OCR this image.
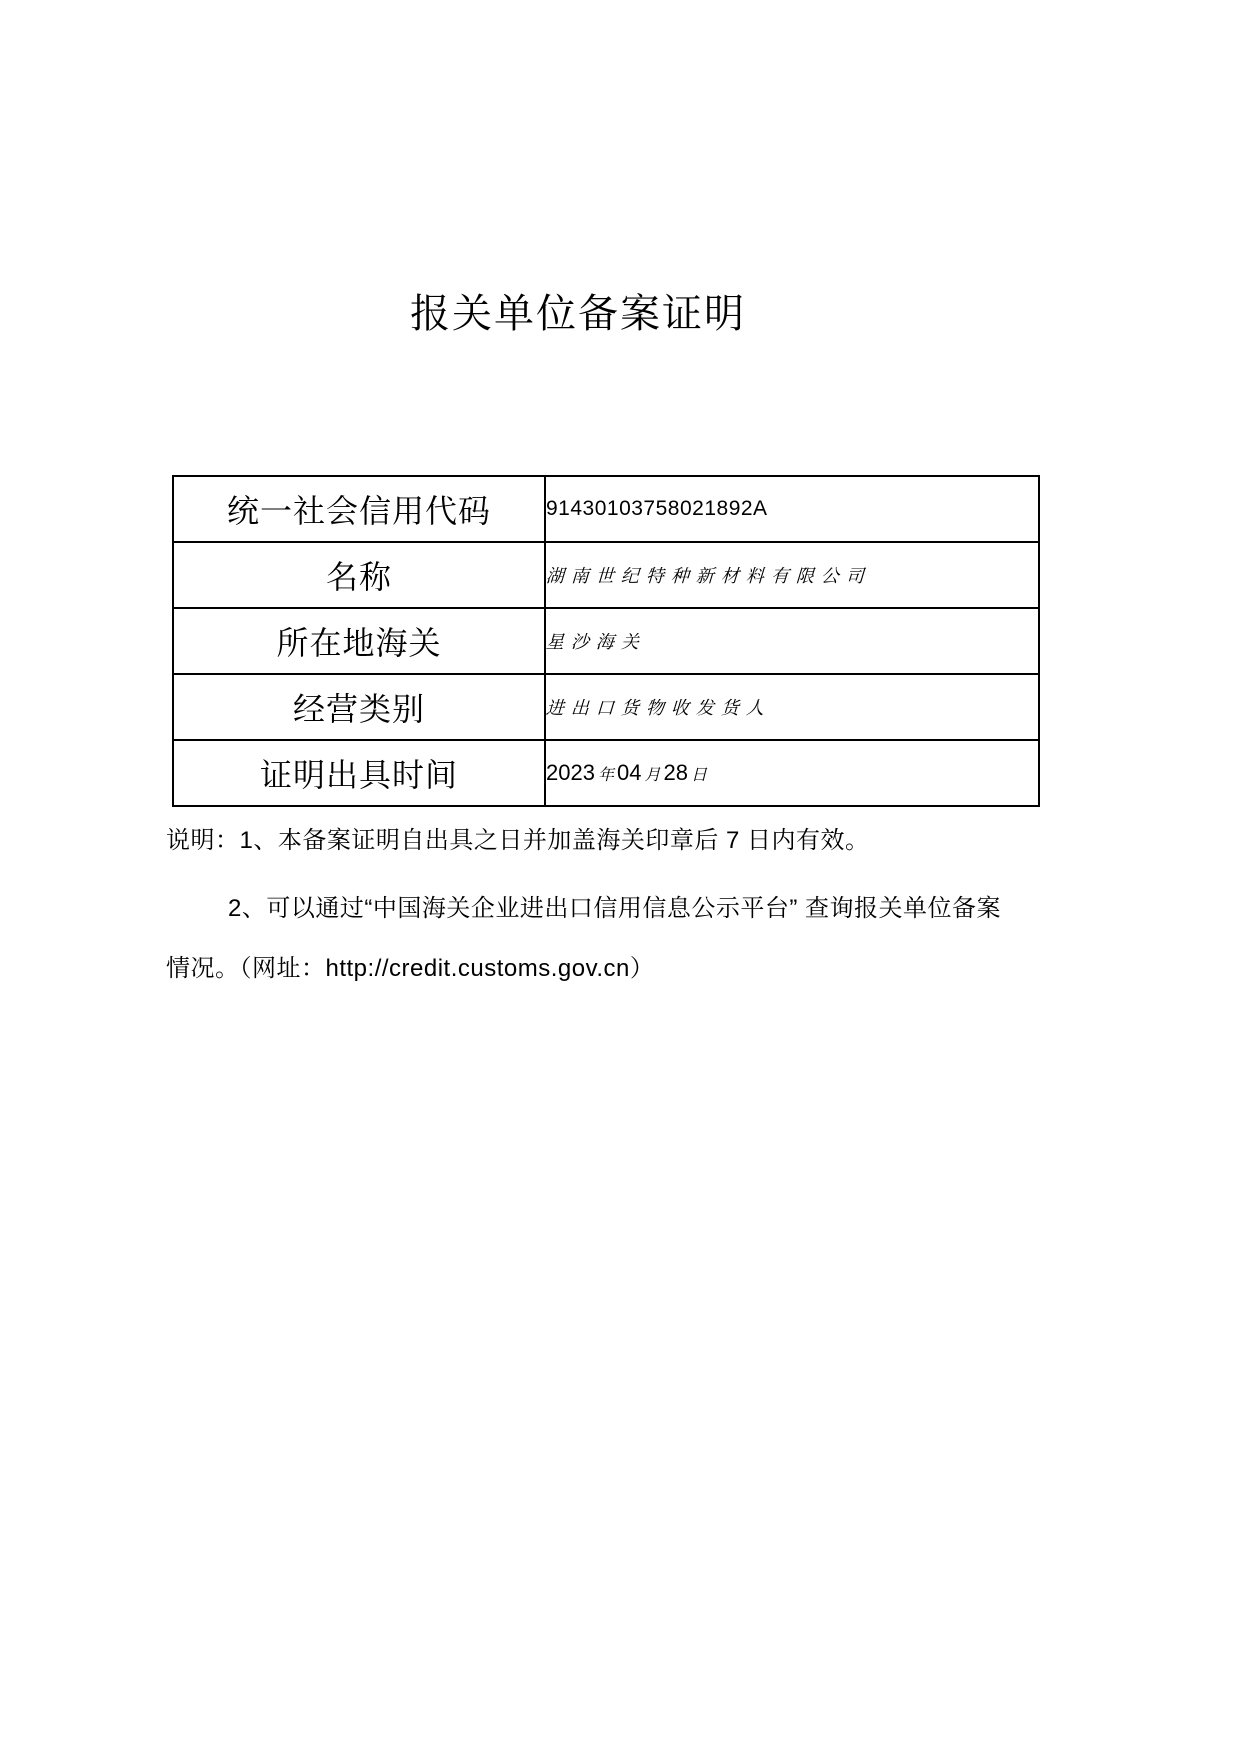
报关单位备案证明
统一社会信用代码	91430103758021892A
名称	湖南世纪特种新材料有限公司
所在地海关	星沙海关
经营类别	进出口货物收发货人
证明出具时间	2023 年 04 月 28 日
说明：1、本备案证明自出具之日并加盖海关印章后 7 日内有效。
2、可以通过“中国海关企业进出口信用信息公示平台” 查询报关单位备案
情况。（网址：http://credit.customs.gov.cn）
